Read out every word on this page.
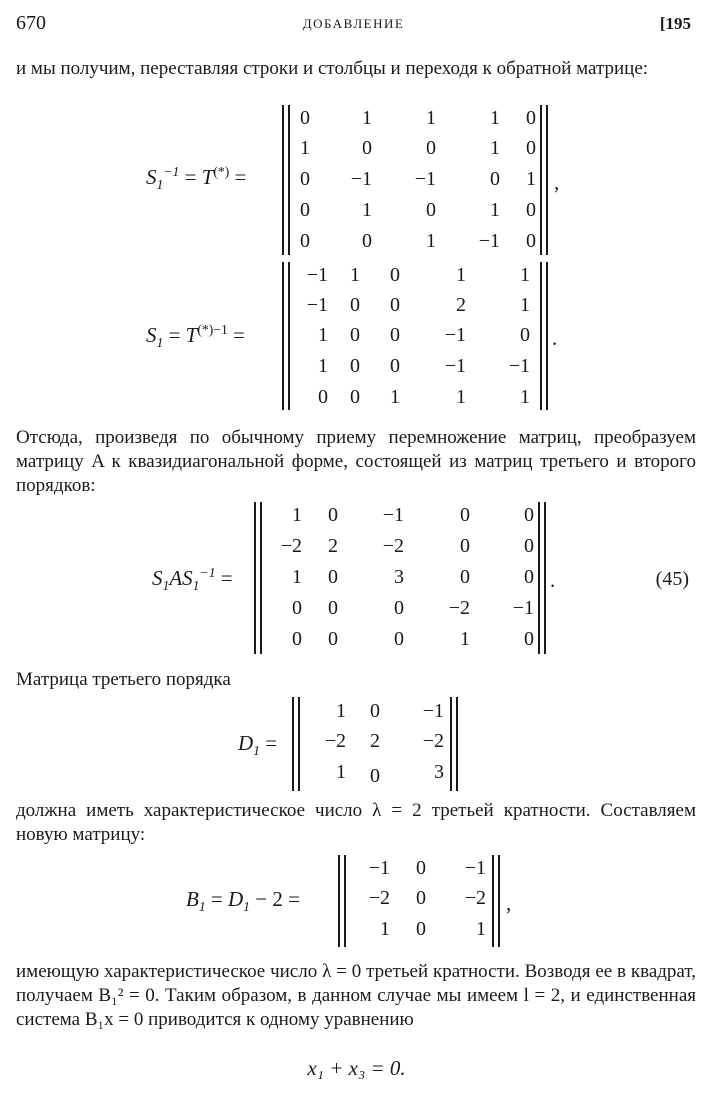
670	ДОБАВЛЕНИЕ	[195

и мы получим, переставляя строки и столбцы и переходя к обратной матрице:

$S_1^{-1} = T^{(*)}$ =
0	1	1	1	0
1	0	0	1	0
0	−1	−1	0	1
0	1	0	1	0
0	0	1	−1	0
,
$S_1 = T^{(*)-1}$ =
−1	1	0	1	1
−1	0	0	2	1
1	0	0	−1	0
1	0	0	−1	−1
0	0	1	1	1
.

Отсюда, произведя по обычному приему перемножение матриц, преобразуем матрицу A к квазидиагональной форме, состоящей из матриц третьего и второго порядков:

$S_1AS_1^{-1}$ =
1	0	−1	0	0
−2	2	−2	0	0
1	0	3	0	0
0	0	0	−2	−1
0	0	0	1	0
.	(45)

Матрица третьего порядка

$D_1$ =
1	0	−1
−2	2	−2
1	0	3

должна иметь характеристическое число λ = 2 третьей кратности. Составляем новую матрицу:

$B_1 = D_1 - 2$ =
−1	0	−1
−2	0	−2
1	0	1
,

имеющую характеристическое число λ = 0 третьей кратности. Возводя ее в квадрат, получаем B₁² = 0. Таким образом, в данном случае мы имеем l = 2, и единственная система B₁x = 0 приводится к одному уравнению

x₁ + x₃ = 0.
